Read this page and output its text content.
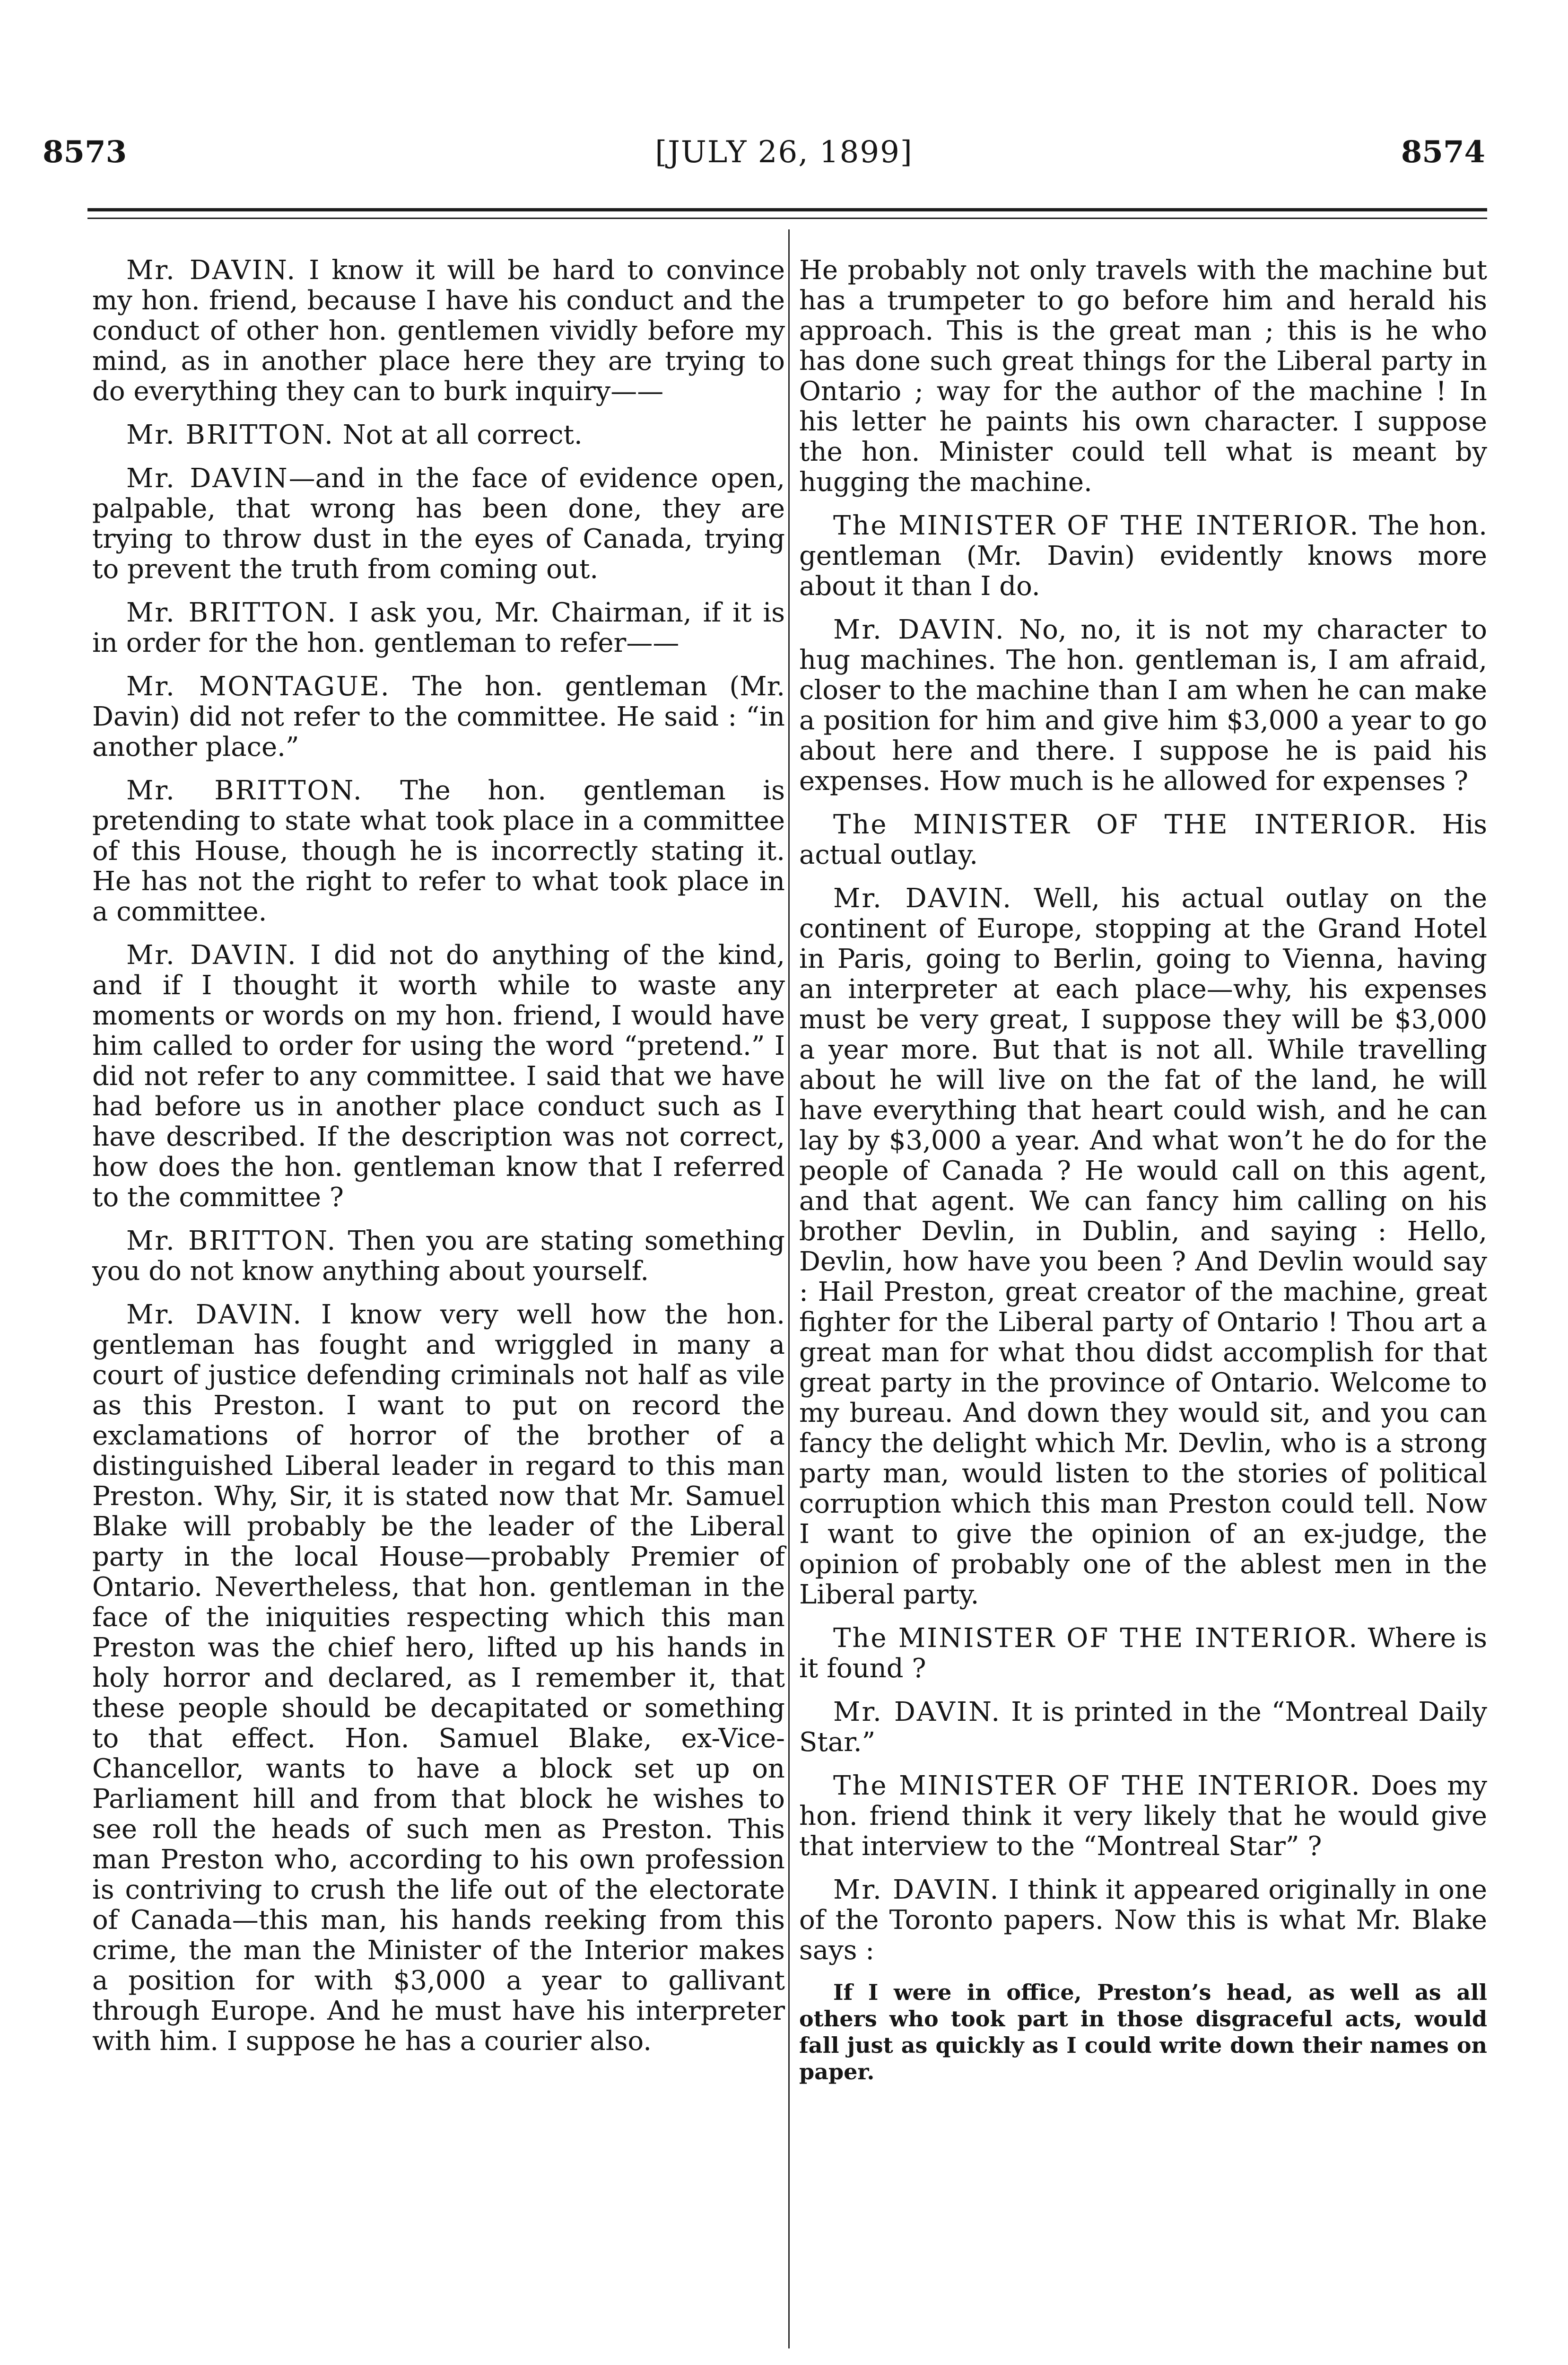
8573	[JULY 26, 1899]	8574

Mr. DAVIN. I know it will be hard to convince my hon. friend, because I have his conduct and the conduct of other hon. gentlemen vividly before my mind, as in another place here they are trying to do everything they can to burk inquiry——

Mr. BRITTON. Not at all correct.

Mr. DAVIN—and in the face of evidence open, palpable, that wrong has been done, they are trying to throw dust in the eyes of Canada, trying to prevent the truth from coming out.

Mr. BRITTON. I ask you, Mr. Chairman, if it is in order for the hon. gentleman to refer——

Mr. MONTAGUE. The hon. gentleman (Mr. Davin) did not refer to the committee. He said : “in another place.”

Mr. BRITTON. The hon. gentleman is pretending to state what took place in a committee of this House, though he is incorrectly stating it. He has not the right to refer to what took place in a committee.

Mr. DAVIN. I did not do anything of the kind, and if I thought it worth while to waste any moments or words on my hon. friend, I would have him called to order for using the word “pretend.” I did not refer to any committee. I said that we have had before us in another place conduct such as I have described. If the description was not correct, how does the hon. gentleman know that I referred to the committee ?

Mr. BRITTON. Then you are stating something you do not know anything about yourself.

Mr. DAVIN. I know very well how the hon. gentleman has fought and wriggled in many a court of justice defending criminals not half as vile as this Preston. I want to put on record the exclamations of horror of the brother of a distinguished Liberal leader in regard to this man Preston. Why, Sir, it is stated now that Mr. Samuel Blake will probably be the leader of the Liberal party in the local House—probably Premier of Ontario. Nevertheless, that hon. gentleman in the face of the iniquities respecting which this man Preston was the chief hero, lifted up his hands in holy horror and declared, as I remember it, that these people should be decapitated or something to that effect. Hon. Samuel Blake, ex-Vice-Chancellor, wants to have a block set up on Parliament hill and from that block he wishes to see roll the heads of such men as Preston. This man Preston who, according to his own profession is contriving to crush the life out of the electorate of Canada—this man, his hands reeking from this crime, the man the Minister of the Interior makes a position for with $3,000 a year to gallivant through Europe. And he must have his interpreter with him. I suppose he has a courier also.

He probably not only travels with the machine but has a trumpeter to go before him and herald his approach. This is the great man ; this is he who has done such great things for the Liberal party in Ontario ; way for the author of the machine ! In his letter he paints his own character. I suppose the hon. Minister could tell what is meant by hugging the machine.

The MINISTER OF THE INTERIOR. The hon. gentleman (Mr. Davin) evidently knows more about it than I do.

Mr. DAVIN. No, no, it is not my character to hug machines. The hon. gentleman is, I am afraid, closer to the machine than I am when he can make a position for him and give him $3,000 a year to go about here and there. I suppose he is paid his expenses. How much is he allowed for expenses ?

The MINISTER OF THE INTERIOR. His actual outlay.

Mr. DAVIN. Well, his actual outlay on the continent of Europe, stopping at the Grand Hotel in Paris, going to Berlin, going to Vienna, having an interpreter at each place—why, his expenses must be very great, I suppose they will be $3,000 a year more. But that is not all. While travelling about he will live on the fat of the land, he will have everything that heart could wish, and he can lay by $3,000 a year. And what won’t he do for the people of Canada ? He would call on this agent, and that agent. We can fancy him calling on his brother Devlin, in Dublin, and saying : Hello, Devlin, how have you been ? And Devlin would say : Hail Preston, great creator of the machine, great fighter for the Liberal party of Ontario ! Thou art a great man for what thou didst accomplish for that great party in the province of Ontario. Welcome to my bureau. And down they would sit, and you can fancy the delight which Mr. Devlin, who is a strong party man, would listen to the stories of political corruption which this man Preston could tell. Now I want to give the opinion of an ex-judge, the opinion of probably one of the ablest men in the Liberal party.

The MINISTER OF THE INTERIOR. Where is it found ?

Mr. DAVIN. It is printed in the “Montreal Daily Star.”

The MINISTER OF THE INTERIOR. Does my hon. friend think it very likely that he would give that interview to the “Montreal Star” ?

Mr. DAVIN. I think it appeared originally in one of the Toronto papers. Now this is what Mr. Blake says :

If I were in office, Preston’s head, as well as all others who took part in those disgraceful acts, would fall just as quickly as I could write down their names on paper.
